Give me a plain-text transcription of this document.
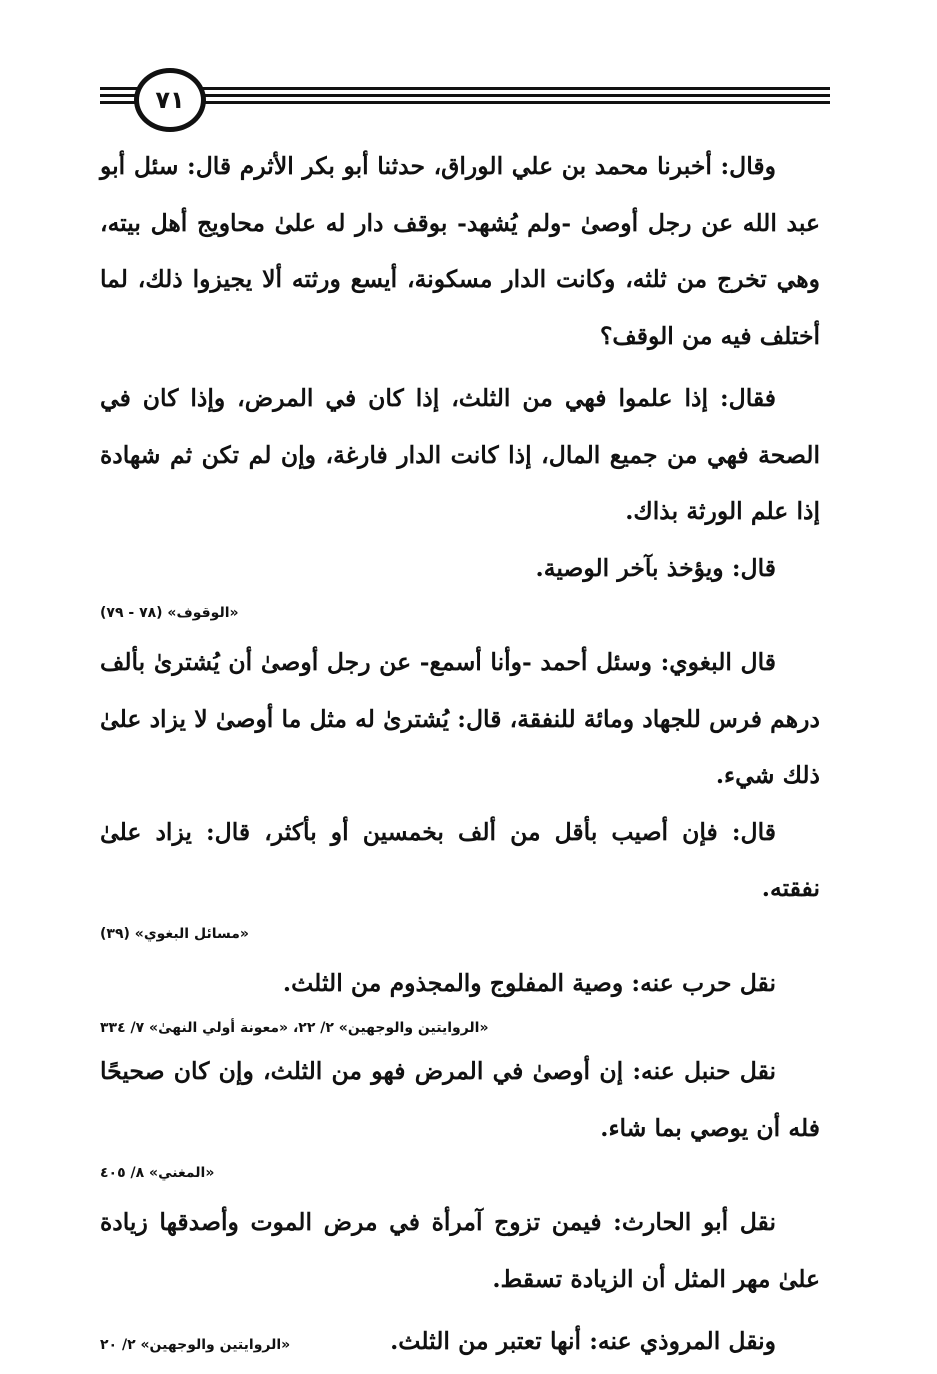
٧١

وقال: أخبرنا محمد بن علي الوراق، حدثنا أبو بكر الأثرم قال: سئل أبو عبد الله عن رجل أوصىٰ -ولم يُشهد- بوقف دار له علىٰ محاويج أهل بيته، وهي تخرج من ثلثه، وكانت الدار مسكونة، أيسع ورثته ألا يجيزوا ذلك، لما أختلف فيه من الوقف؟

فقال: إذا علموا فهي من الثلث، إذا كان في المرض، وإذا كان في الصحة فهي من جميع المال، إذا كانت الدار فارغة، وإن لم تكن ثم شهادة إذا علم الورثة بذاك.

قال: ويؤخذ بآخر الوصية.

«الوقوف» (٧٨ - ٧٩)

قال البغوي: وسئل أحمد -وأنا أسمع- عن رجل أوصىٰ أن يُشترىٰ بألف درهم فرس للجهاد ومائة للنفقة، قال: يُشترىٰ له مثل ما أوصىٰ لا يزاد علىٰ ذلك شيء.

قال: فإن أصيب بأقل من ألف بخمسين أو بأكثر، قال: يزاد علىٰ نفقته.

«مسائل البغوي» (٣٩)

نقل حرب عنه: وصية المفلوج والمجذوم من الثلث.

«الروايتين والوجهين» ٢/ ٢٢، «معونة أولي النهىٰ» ٧/ ٣٣٤

نقل حنبل عنه: إن أوصىٰ في المرض فهو من الثلث، وإن كان صحيحًا فله أن يوصي بما شاء.

«المغني» ٨/ ٤٠٥

نقل أبو الحارث: فيمن تزوج آمرأة في مرض الموت وأصدقها زيادة علىٰ مهر المثل أن الزيادة تسقط.

ونقل المروذي عنه: أنها تعتبر من الثلث.
«الروايتين والوجهين» ٢/ ٢٠
